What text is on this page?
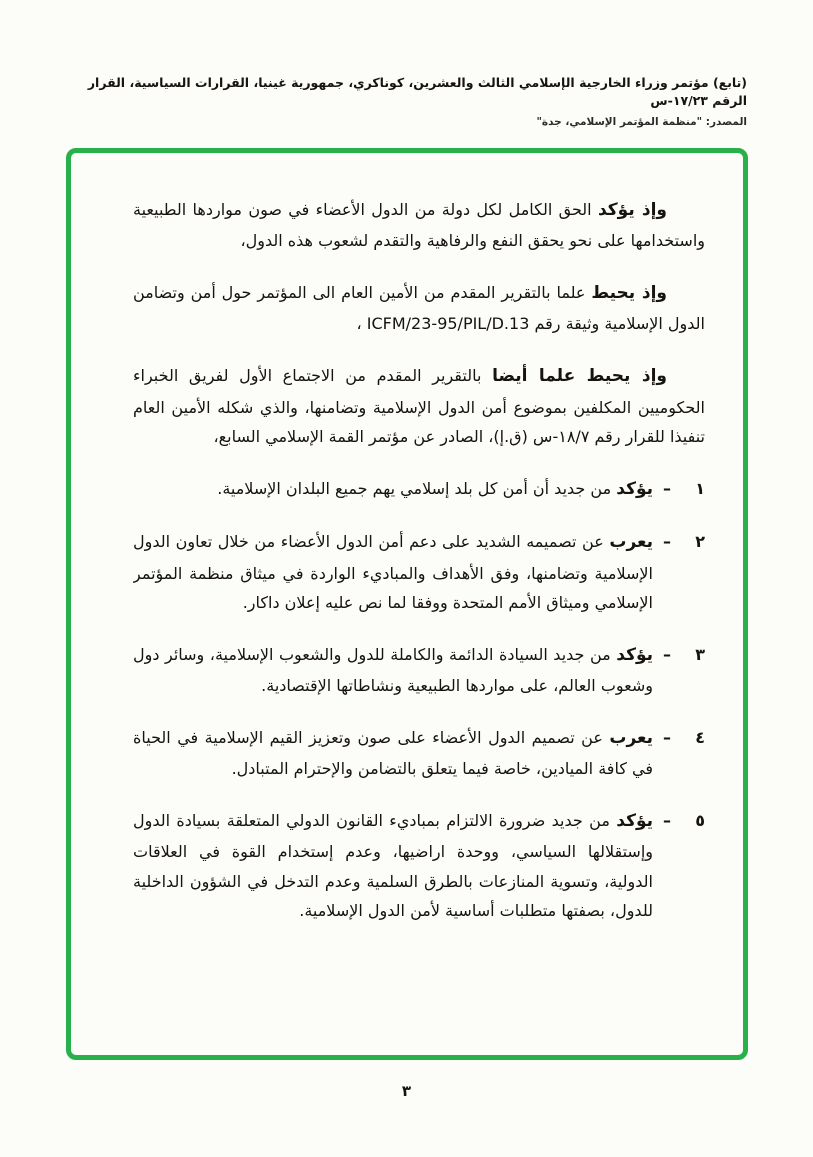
(تابع) مؤتمر وزراء الخارجية الإسلامي الثالث والعشرين، كوناكري، جمهورية غينيا، القرارات السياسية، القرار الرقم ١٧/٢٣-س
المصدر: "منظمة المؤتمر الإسلامي، جدة"

وإذ يؤكد الحق الكامل لكل دولة من الدول الأعضاء في صون مواردها الطبيعية واستخدامها على نحو يحقق النفع والرفاهية والتقدم لشعوب هذه الدول،

وإذ يحيط علما بالتقرير المقدم من الأمين العام الى المؤتمر حول أمن وتضامن الدول الإسلامية وثيقة رقم ICFM/23-95/PIL/D.13 ،

وإذ يحيط علما أيضا بالتقرير المقدم من الاجتماع الأول لفريق الخبراء الحكوميين المكلفين بموضوع أمن الدول الإسلامية وتضامنها، والذي شكله الأمين العام تنفيذا للقرار رقم ١٨/٧-س (ق.إ)، الصادر عن مؤتمر القمة الإسلامي السابع،

١
–
يؤكد من جديد أن أمن كل بلد إسلامي يهم جميع البلدان الإسلامية.
٢
–
يعرب عن تصميمه الشديد على دعم أمن الدول الأعضاء من خلال تعاون الدول الإسلامية وتضامنها، وفق الأهداف والمباديء الواردة في ميثاق منظمة المؤتمر الإسلامي وميثاق الأمم المتحدة ووفقا لما نص عليه إعلان داكار.
٣
–
يؤكد من جديد السيادة الدائمة والكاملة للدول والشعوب الإسلامية، وسائر دول وشعوب العالم، على مواردها الطبيعية ونشاطاتها الإقتصادية.
٤
–
يعرب عن تصميم الدول الأعضاء على صون وتعزيز القيم الإسلامية في الحياة في كافة الميادين، خاصة فيما يتعلق بالتضامن والإحترام المتبادل.
٥
–
يؤكد من جديد ضرورة الالتزام بمباديء القانون الدولي المتعلقة بسيادة الدول وإستقلالها السياسي، ووحدة اراضيها، وعدم إستخدام القوة في العلاقات الدولية، وتسوية المنازعات بالطرق السلمية وعدم التدخل في الشؤون الداخلية للدول، بصفتها متطلبات أساسية لأمن الدول الإسلامية.
٣
